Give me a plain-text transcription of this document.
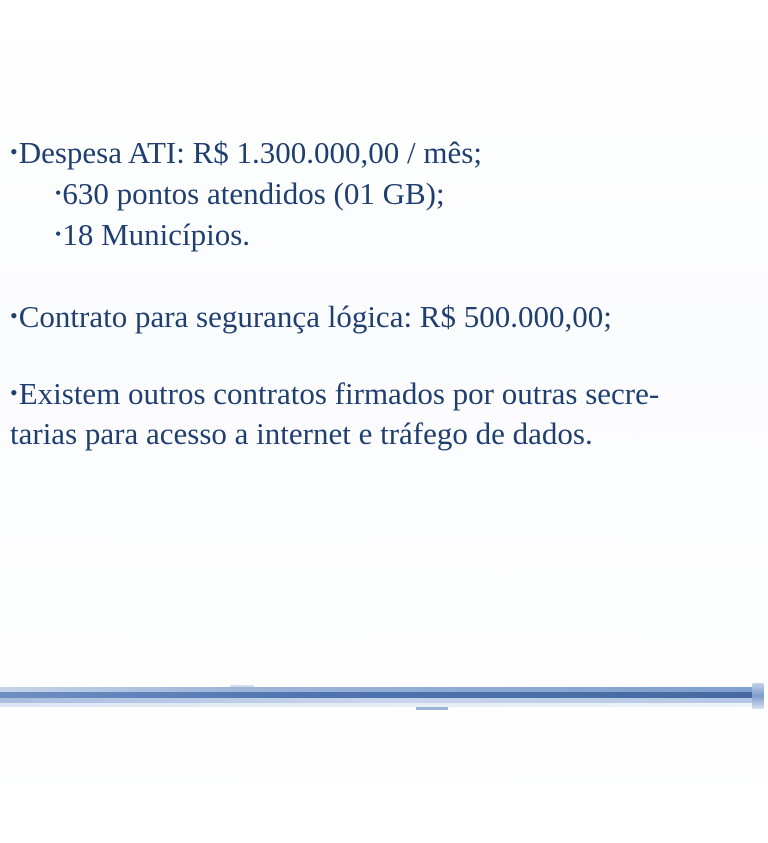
•Despesa ATI: R$ 1.300.000,00 / mês;

•630 pontos atendidos (01 GB);

•18 Municípios.

•Contrato para segurança lógica: R$ 500.000,00;

•Existem outros contratos firmados por outras secre-

tarias para acesso a internet e tráfego de dados.
